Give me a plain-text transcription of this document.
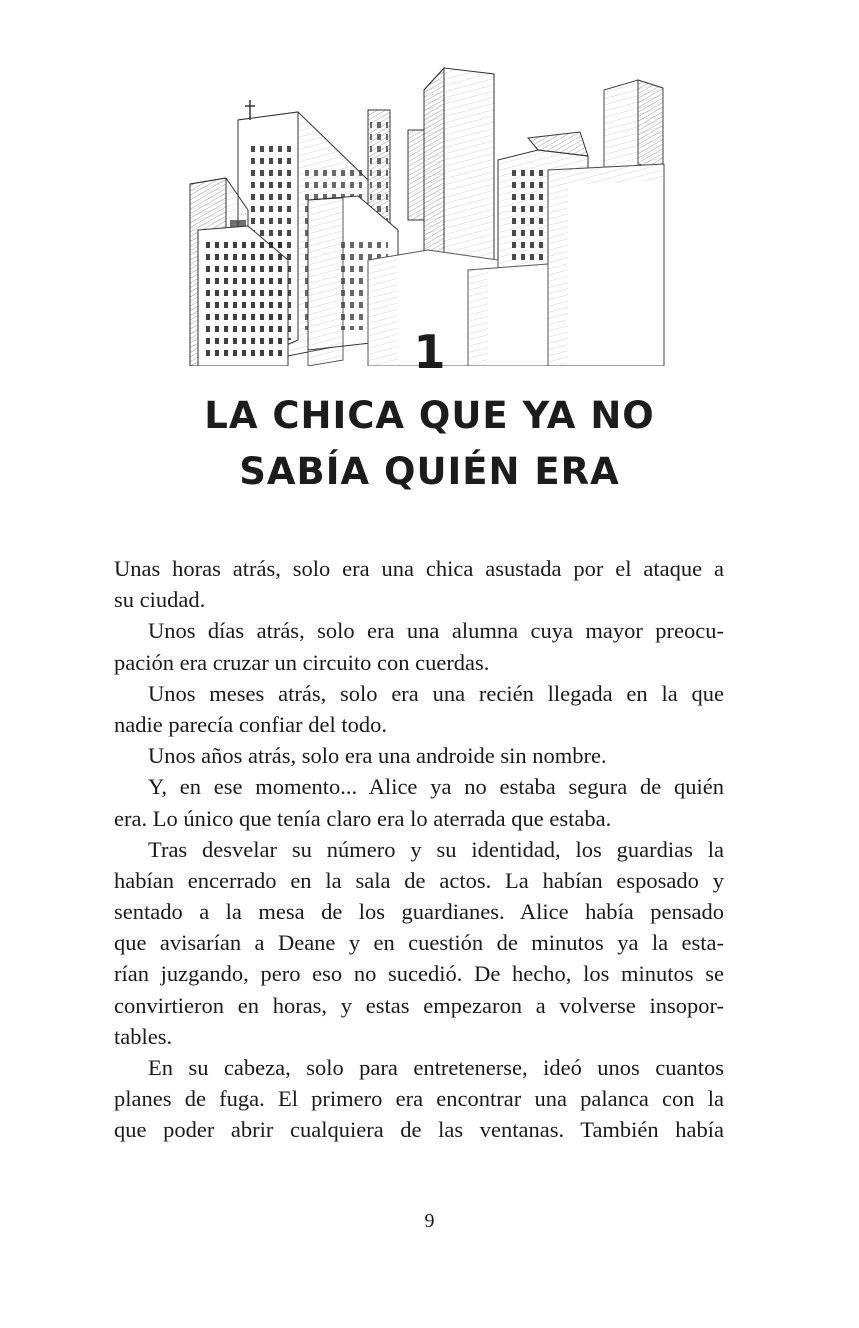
1
LA CHICA QUE YA NO
SABÍA QUIÉN ERA
Unas horas atrás, solo era una chica asustada por el ataque a
su ciudad.
Unos días atrás, solo era una alumna cuya mayor preocu-
pación era cruzar un circuito con cuerdas.
Unos meses atrás, solo era una recién llegada en la que
nadie parecía confiar del todo.
Unos años atrás, solo era una androide sin nombre.
Y, en ese momento... Alice ya no estaba segura de quién
era. Lo único que tenía claro era lo aterrada que estaba.
Tras desvelar su número y su identidad, los guardias la
habían encerrado en la sala de actos. La habían esposado y
sentado a la mesa de los guardianes. Alice había pensado
que avisarían a Deane y en cuestión de minutos ya la esta-
rían juzgando, pero eso no sucedió. De hecho, los minutos se
convirtieron en horas, y estas empezaron a volverse insopor-
tables.
En su cabeza, solo para entretenerse, ideó unos cuantos
planes de fuga. El primero era encontrar una palanca con la
que poder abrir cualquiera de las ventanas. También había
9
